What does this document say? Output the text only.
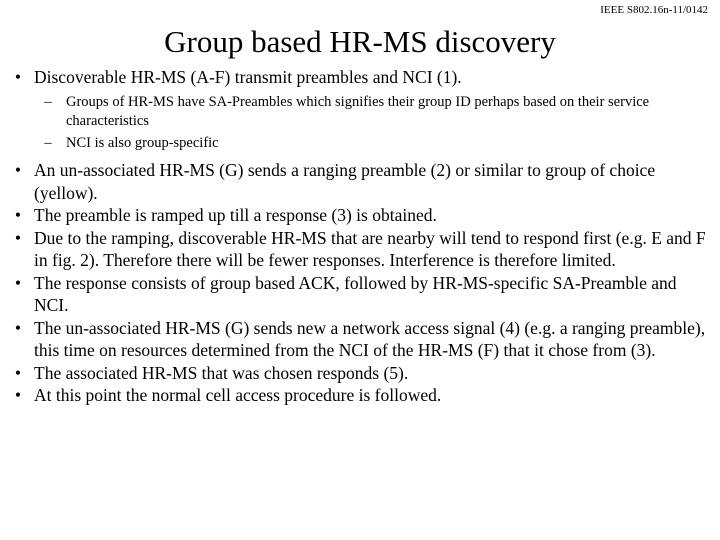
IEEE S802.16n-11/0142
Group based HR-MS discovery
• Discoverable HR-MS (A-F) transmit preambles and NCI (1).
– Groups of HR-MS have SA-Preambles which signifies their group ID perhaps based on their service characteristics
– NCI is also group-specific
• An un-associated HR-MS (G) sends a ranging preamble (2) or similar to group of choice (yellow).
• The preamble is ramped up till a response (3) is obtained.
• Due to the ramping, discoverable HR-MS that are nearby will tend to respond first (e.g. E and F in fig. 2). Therefore there will be fewer responses. Interference is therefore limited.
• The response consists of group based ACK, followed by HR-MS-specific SA-Preamble and NCI.
• The un-associated HR-MS (G) sends new a network access signal (4) (e.g. a ranging preamble), this time on resources determined from the NCI of the HR-MS (F) that it chose from (3).
• The associated HR-MS that was chosen responds (5).
• At this point the normal cell access procedure is followed.
